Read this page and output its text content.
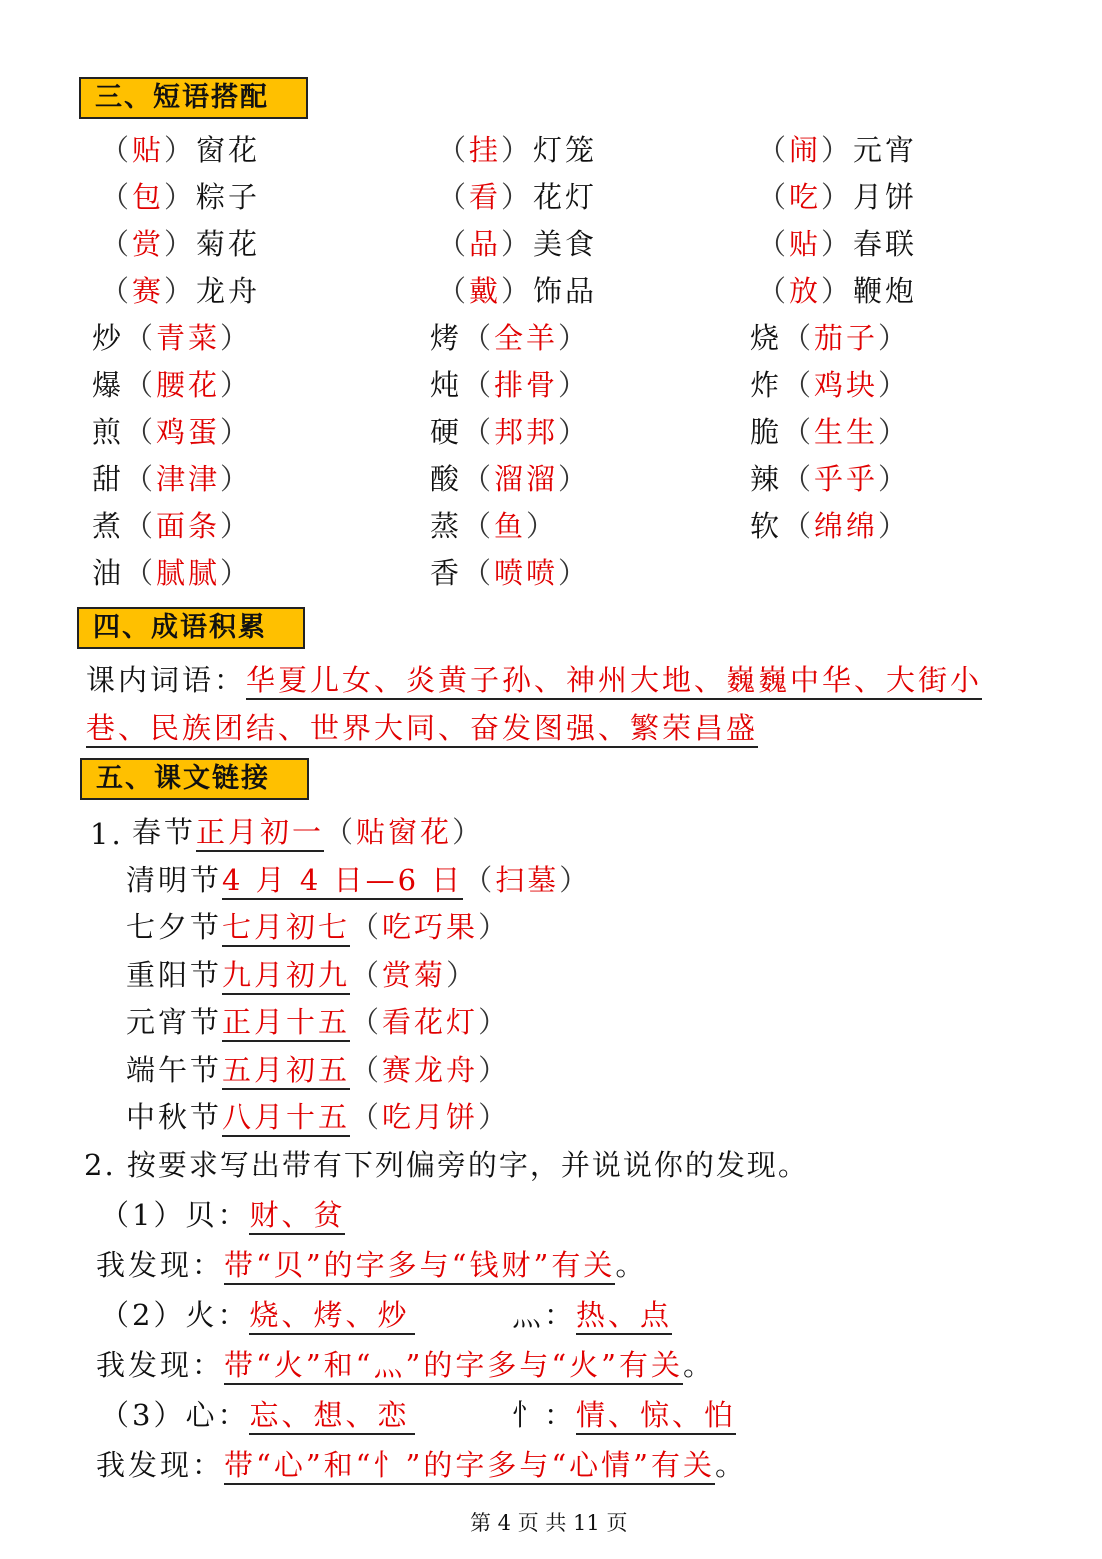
三、短语搭配
（贴）窗花	（挂）灯笼	（闹）元宵
（包）粽子	（看）花灯	（吃）月饼
（赏）菊花	（品）美食	（贴）春联
（赛）龙舟	（戴）饰品	（放）鞭炮
炒（青菜）	烤（全羊）	烧（茄子）
爆（腰花）	炖（排骨）	炸（鸡块）
煎（鸡蛋）	硬（邦邦）	脆（生生）
甜（津津）	酸（溜溜）	辣（乎乎）
煮（面条）	蒸（鱼）	软（绵绵）
油（腻腻）	香（喷喷）
四、成语积累
课内词语：华夏儿女、炎黄子孙、神州大地、巍巍中华、大街小
巷、民族团结、世界大同、奋发图强、繁荣昌盛
五、课文链接
1. 春节正月初一（贴窗花）
清明节4 月 4 日—6 日（扫墓）
七夕节七月初七（吃巧果）
重阳节九月初九（赏菊）
元宵节正月十五（看花灯）
端午节五月初五（赛龙舟）
中秋节八月十五（吃月饼）
2. 按要求写出带有下列偏旁的字，并说说你的发现。
（1）贝：财、贫
我发现：带“贝”的字多与“钱财”有关。
（2）火：烧、烤、炒	灬：热、点
我发现：带“火”和“灬”的字多与“火”有关。
（3）心：忘、想、恋	忄：情、惊、怕
我发现：带“心”和“忄”的字多与“心情”有关。
第 4 页 共 11 页
